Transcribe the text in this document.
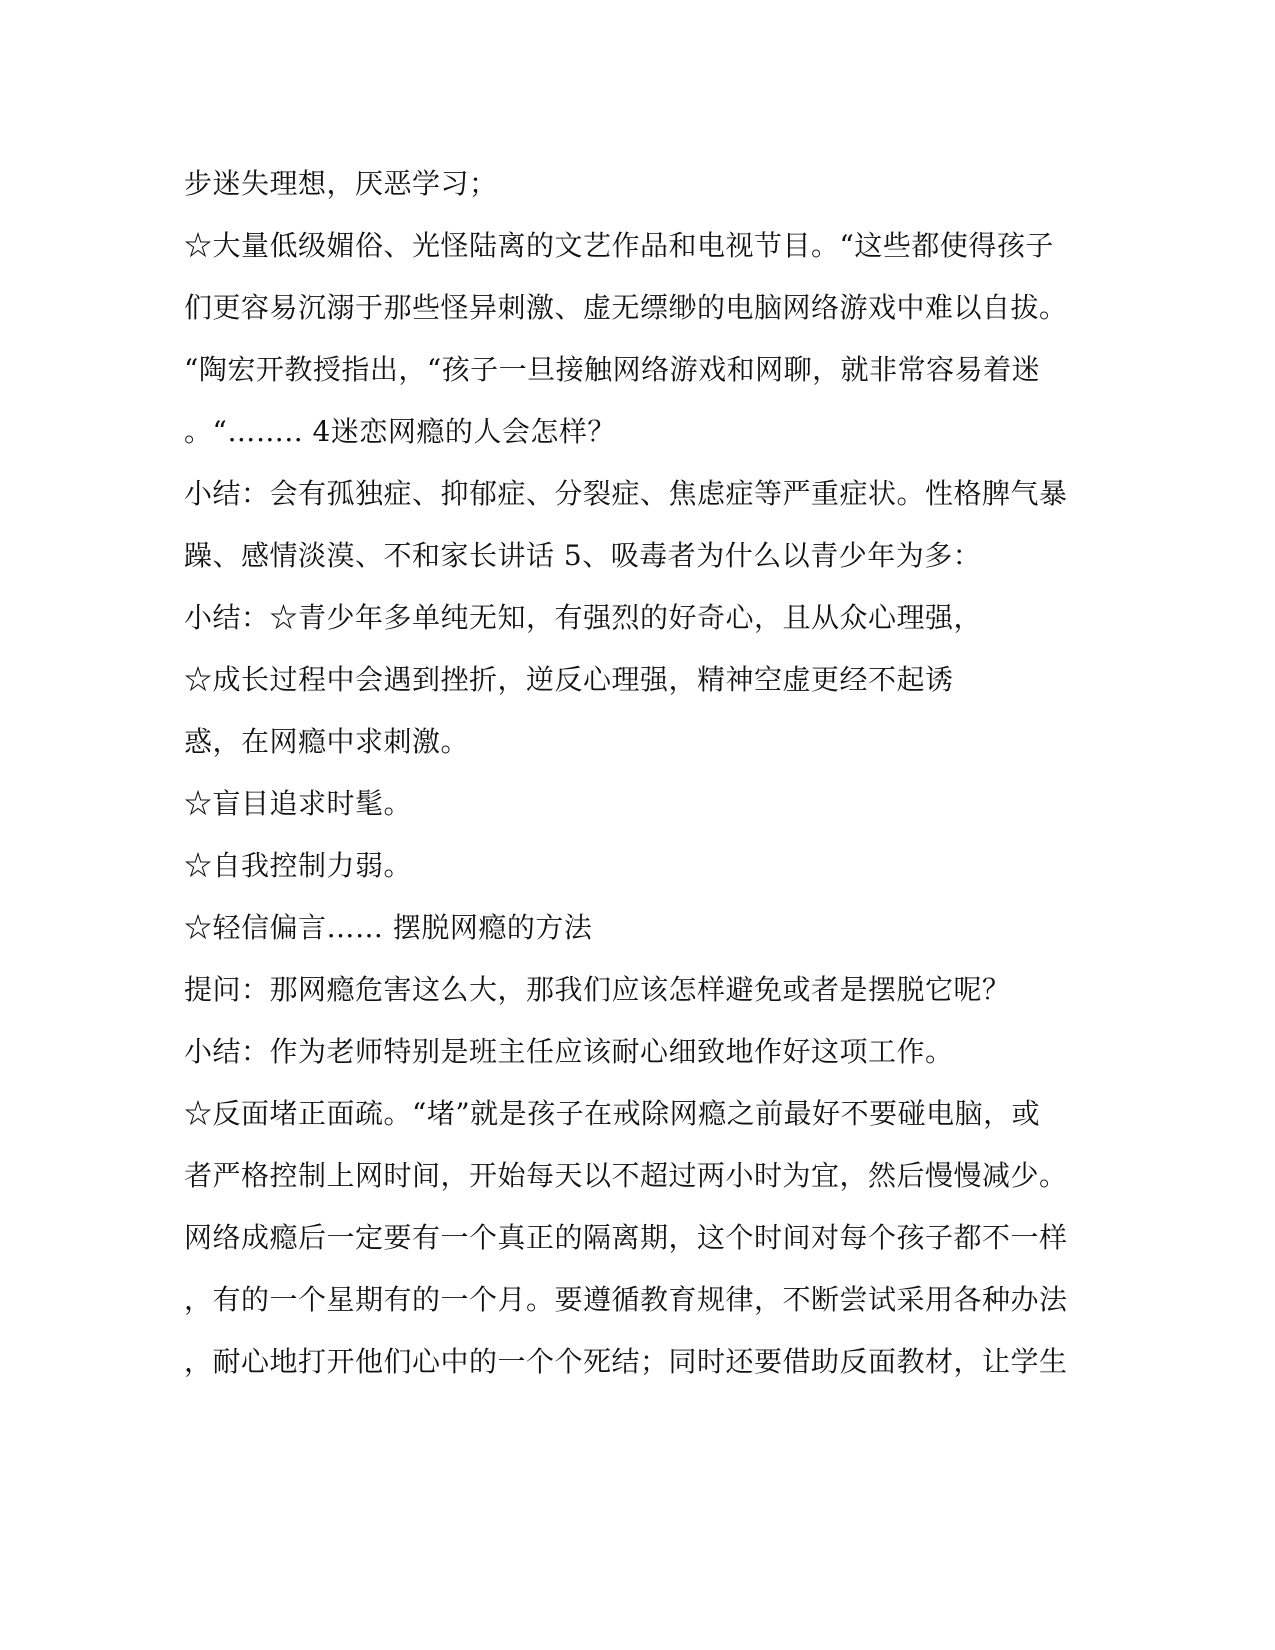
步迷失理想，厌恶学习；
☆大量低级媚俗、光怪陆离的文艺作品和电视节目。“这些都使得孩子
们更容易沉溺于那些怪异刺激、虚无缥缈的电脑网络游戏中难以自拔。
“陶宏开教授指出，“孩子一旦接触网络游戏和网聊，就非常容易着迷
。“…….. 4迷恋网瘾的人会怎样？
小结：会有孤独症、抑郁症、分裂症、焦虑症等严重症状。性格脾气暴
躁、感情淡漠、不和家长讲话 5、吸毒者为什么以青少年为多：
小结：☆青少年多单纯无知，有强烈的好奇心，且从众心理强，
☆成长过程中会遇到挫折，逆反心理强，精神空虚更经不起诱
惑，在网瘾中求刺激。
☆盲目追求时髦。
☆自我控制力弱。
☆轻信偏言…… 摆脱网瘾的方法
提问：那网瘾危害这么大，那我们应该怎样避免或者是摆脱它呢？
小结：作为老师特别是班主任应该耐心细致地作好这项工作。
☆反面堵正面疏。“堵”就是孩子在戒除网瘾之前最好不要碰电脑，或
者严格控制上网时间，开始每天以不超过两小时为宜，然后慢慢减少。
网络成瘾后一定要有一个真正的隔离期，这个时间对每个孩子都不一样
，有的一个星期有的一个月。要遵循教育规律，不断尝试采用各种办法
，耐心地打开他们心中的一个个死结；同时还要借助反面教材，让学生
